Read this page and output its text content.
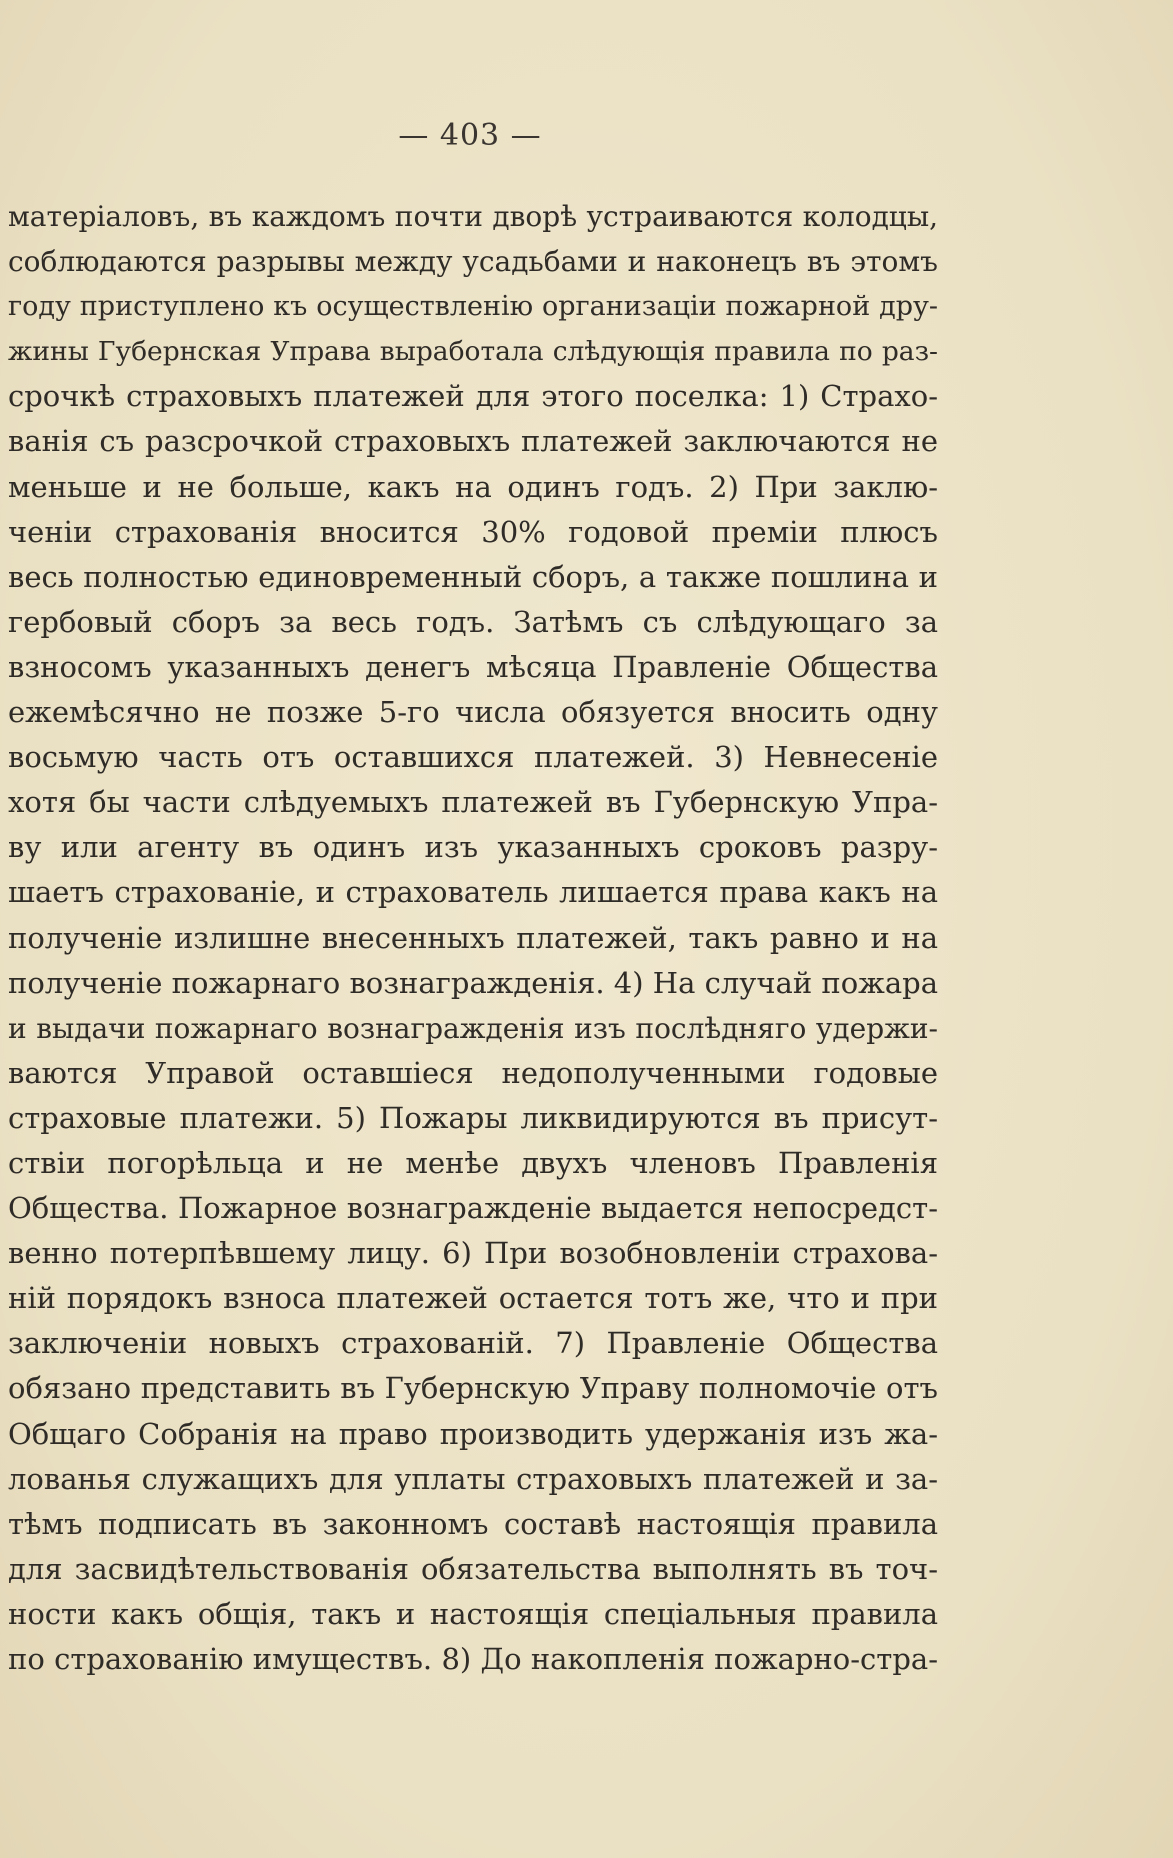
— 403 —
матеріаловъ, въ каждомъ почти дворѣ устраиваются колодцы,
соблюдаются разрывы между усадьбами и наконецъ въ этомъ
году приступлено къ осуществленію организаціи пожарной дру-
жины Губернская Управа выработала слѣдующія правила по раз-
срочкѣ страховыхъ платежей для этого поселка: 1) Страхо-
ванія съ разсрочкой страховыхъ платежей заключаются не
меньше и не больше, какъ на одинъ годъ. 2) При заклю-
ченіи страхованія вносится 30% годовой преміи плюсъ
весь полностью единовременный сборъ, а также пошлина и
гербовый сборъ за весь годъ. Затѣмъ съ слѣдующаго за
взносомъ указанныхъ денегъ мѣсяца Правленіе Общества
ежемѣсячно не позже 5-го числа обязуется вносить одну
восьмую часть отъ оставшихся платежей. 3) Невнесеніе
хотя бы части слѣдуемыхъ платежей въ Губернскую Упра-
ву или агенту въ одинъ изъ указанныхъ сроковъ разру-
шаетъ страхованіе, и страхователь лишается права какъ на
полученіе излишне внесенныхъ платежей, такъ равно и на
полученіе пожарнаго вознагражденія. 4) На случай пожара
и выдачи пожарнаго вознагражденія изъ послѣдняго удержи-
ваются Управой оставшіеся недополученными годовые
страховые платежи. 5) Пожары ликвидируются въ присут-
ствіи погорѣльца и не менѣе двухъ членовъ Правленія
Общества. Пожарное вознагражденіе выдается непосредст-
венно потерпѣвшему лицу. 6) При возобновленіи страхова-
ній порядокъ взноса платежей остается тотъ же, что и при
заключеніи новыхъ страхованій. 7) Правленіе Общества
обязано представить въ Губернскую Управу полномочіе отъ
Общаго Собранія на право производить удержанія изъ жа-
лованья служащихъ для уплаты страховыхъ платежей и за-
тѣмъ подписать въ законномъ составѣ настоящія правила
для засвидѣтельствованія обязательства выполнять въ точ-
ности какъ общія, такъ и настоящія спеціальныя правила
по страхованію имуществъ. 8) До накопленія пожарно-стра-
